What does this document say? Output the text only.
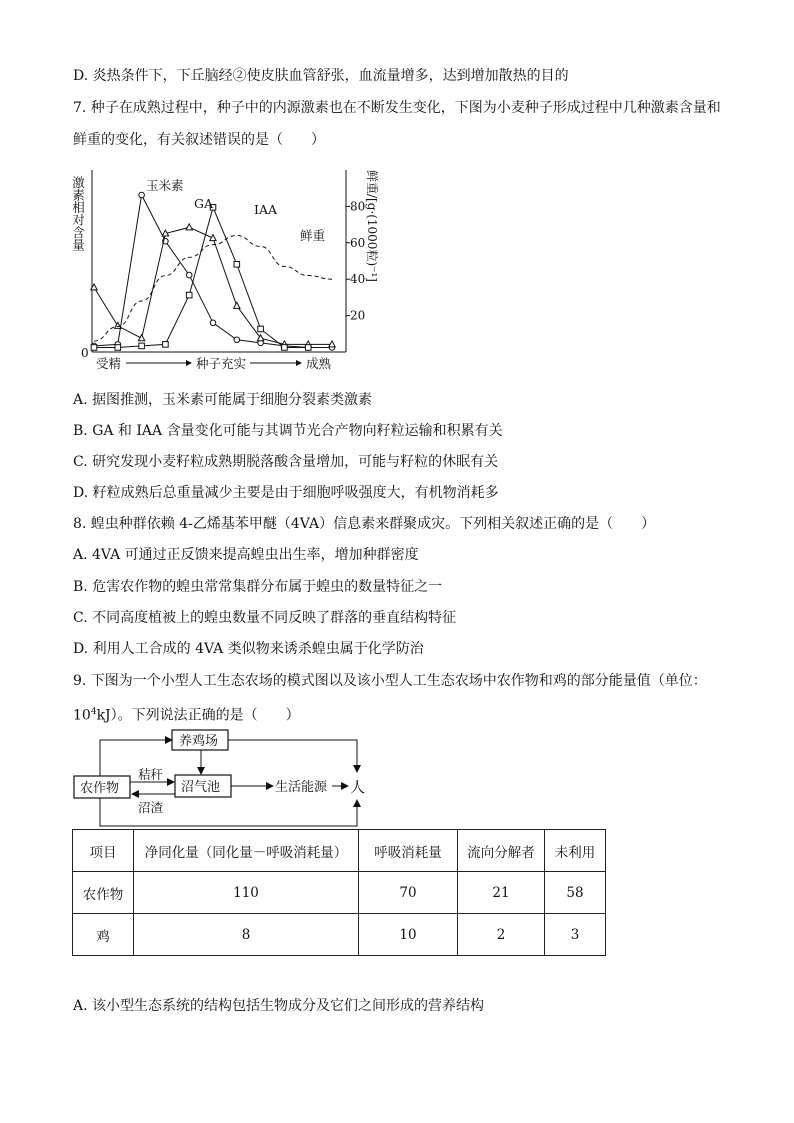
D. 炎热条件下，下丘脑经②使皮肤血管舒张，血流量增多，达到增加散热的目的
7. 种子在成熟过程中，种子中的内源激素也在不断发生变化，下图为小麦种子形成过程中几种激素含量和
鲜重的变化，有关叙述错误的是（　　）
激素相对含量	鲜重/[g·(1000粒)⁻¹]
0
20
40
60
80
受精	种子充实	成熟
玉米素
GA	IAA
鲜重
A. 据图推测，玉米素可能属于细胞分裂素类激素
B. GA 和 IAA 含量变化可能与其调节光合产物向籽粒运输和积累有关
C. 研究发现小麦籽粒成熟期脱落酸含量增加，可能与籽粒的休眠有关
D. 籽粒成熟后总重量减少主要是由于细胞呼吸强度大，有机物消耗多
8. 蝗虫种群依赖 4-乙烯基苯甲醚（4VA）信息素来群聚成灾。下列相关叙述正确的是（　　）
A. 4VA 可通过正反馈来提高蝗虫出生率，增加种群密度
B. 危害农作物的蝗虫常常集群分布属于蝗虫的数量特征之一
C. 不同高度植被上的蝗虫数量不同反映了群落的垂直结构特征
D. 利用人工合成的 4VA 类似物来诱杀蝗虫属于化学防治
9. 下图为一个小型人工生态农场的模式图以及该小型人工生态农场中农作物和鸡的部分能量值（单位：
$10^4kJ$）。下列说法正确的是（　　）
养鸡场
农作物	沼气池	生活能源 人
秸秆
沼渣
项目	净同化量（同化量－呼吸消耗量）	呼吸消耗量	流向分解者	未利用
农作物	110	70	21	58
鸡	8	10	2	3
A. 该小型生态系统的结构包括生物成分及它们之间形成的营养结构
